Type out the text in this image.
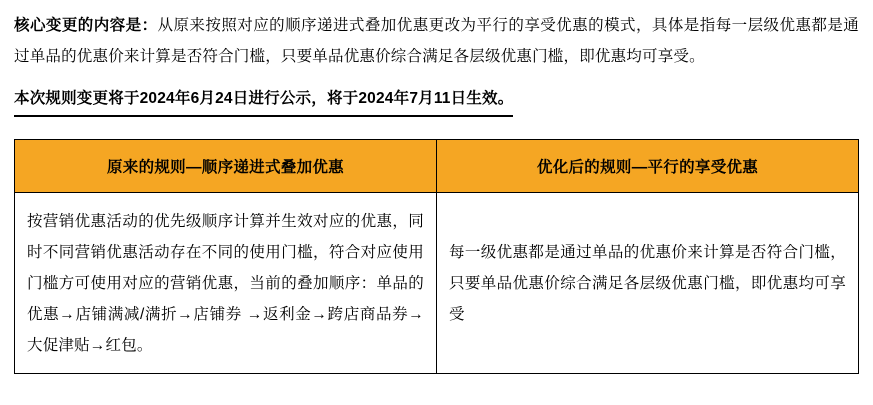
核心变更的内容是：从原来按照对应的顺序递进式叠加优惠更改为平行的享受优惠的模式，具体是指每一层级优惠都是通过单品的优惠价来计算是否符合门槛，只要单品优惠价综合满足各层级优惠门槛，即优惠均可享受。

本次规则变更将于2024年6月24日进行公示，将于2024年7月11日生效。
原来的规则—顺序递进式叠加优惠	优化后的规则—平行的享受优惠
按营销优惠活动的优先级顺序计算并生效对应的优惠，同时不同营销优惠活动存在不同的使用门槛，符合对应使用门槛方可使用对应的营销优惠，当前的叠加顺序：单品的优惠→店铺满减/满折→店铺券 →返利金→跨店商品券→ 大促津贴→红包。	每一级优惠都是通过单品的优惠价来计算是否符合门槛，只要单品优惠价综合满足各层级优惠门槛，即优惠均可享受
